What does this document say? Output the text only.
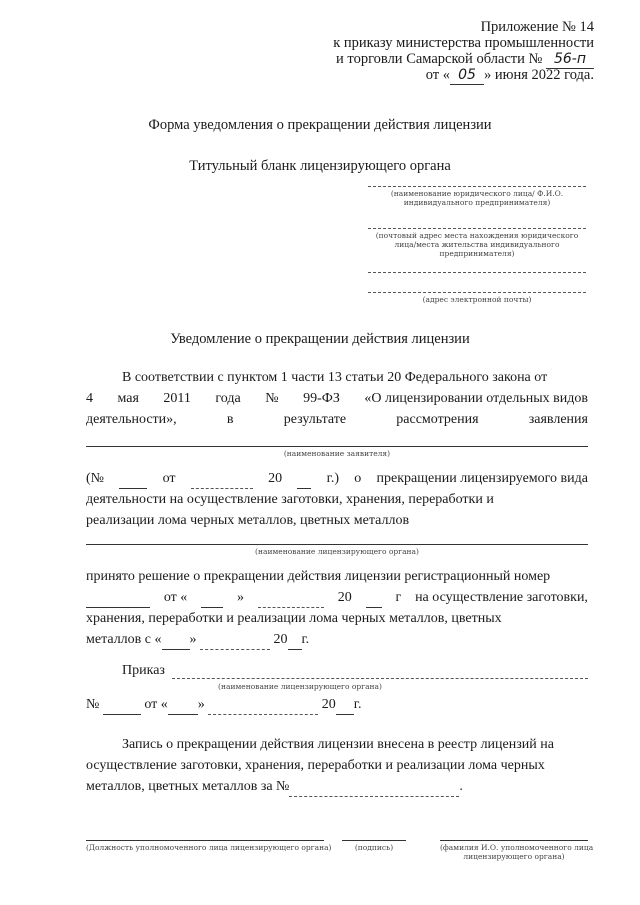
Приложение № 14
к приказу министерства промышленности
и торговли Самарской области № 56-п
от « 05 » июня 2022 года.
Форма уведомления о прекращении действия лицензии
Титульный бланк лицензирующего органа
(наименование юридического лица/ Ф.И.О.
индивидуального предпринимателя)
(почтовый адрес места нахождения юридического
лица/места жительства индивидуального
предпринимателя)
(адрес электронной почты)
Уведомление о прекращении действия лицензии
В соответствии с пунктом 1 части 13 статьи 20 Федерального закона от
4 мая 2011 года № 99-ФЗ «О лицензировании отдельных видов
деятельности»,	в	результате	рассмотрения	заявления
(наименование заявителя)
(№
	от
	20
	г.) о прекращении лицензируемого вида
деятельности на осуществление заготовки, хранения, переработки и
реализации лома черных металлов, цветных металлов
(наименование лицензирующего органа)
принято решение о прекращении действия лицензии регистрационный номер

от «
	»
	20
	г на осуществление заготовки,
хранения, переработки и реализации лома черных металлов, цветных
металлов с « »	20 г.
Приказ
(наименование лицензирующего органа)
№	от « »	20 г.
Запись о прекращении действия лицензии внесена в реестр лицензий на
осуществление заготовки, хранения, переработки и реализации лома черных
металлов, цветных металлов за №	.
(Должность уполномоченного лица лицензирующего органа)	(подпись)	(фамилия И.О. уполномоченного лица
лицензирующего органа)
